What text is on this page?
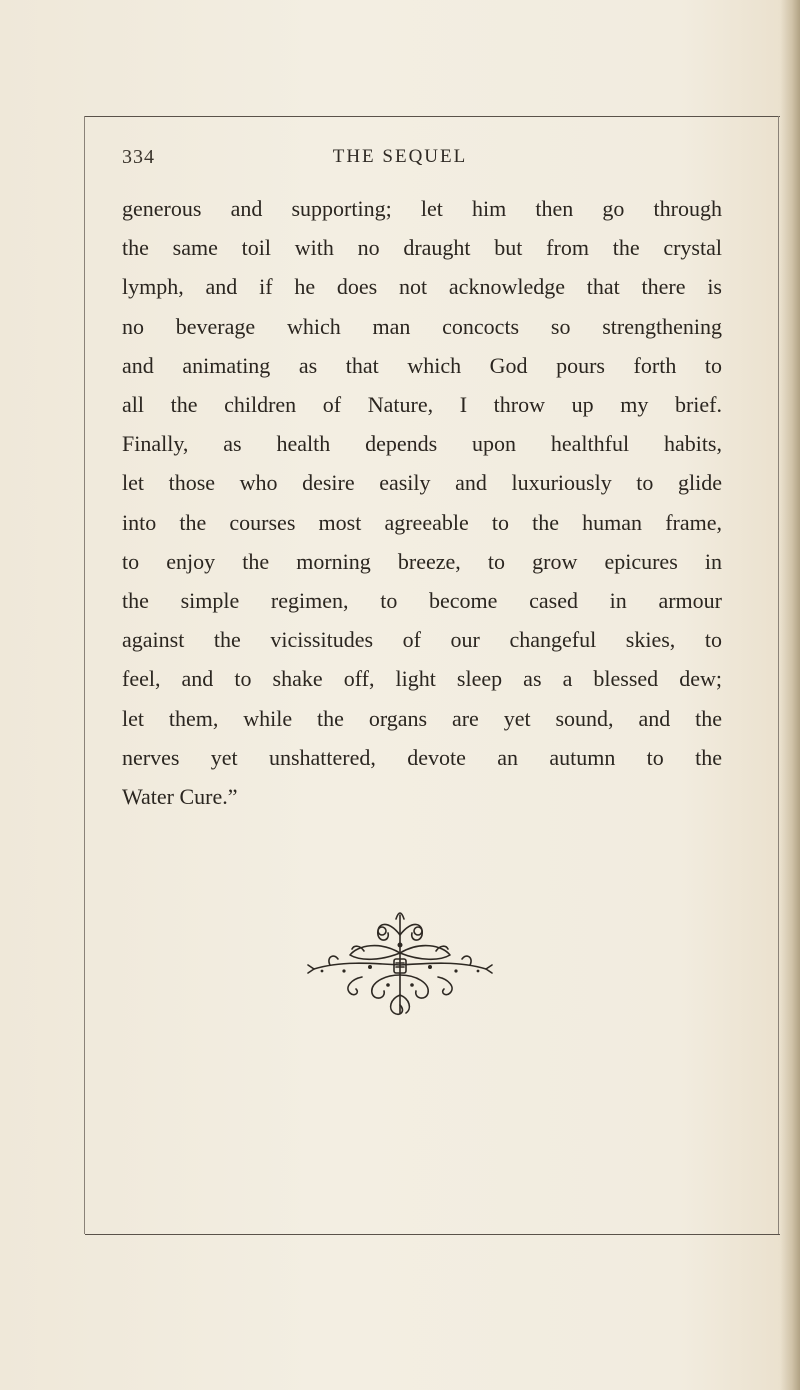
334	THE SEQUEL
generous and supporting; let him then go through
the same toil with no draught but from the crystal
lymph, and if he does not acknowledge that there is
no beverage which man concocts so strengthening
and animating as that which God pours forth to
all the children of Nature, I throw up my brief.
Finally, as health depends upon healthful habits,
let those who desire easily and luxuriously to glide
into the courses most agreeable to the human frame,
to enjoy the morning breeze, to grow epicures in
the simple regimen, to become cased in armour
against the vicissitudes of our changeful skies, to
feel, and to shake off, light sleep as a blessed dew;
let them, while the organs are yet sound, and the
nerves yet unshattered, devote an autumn to the
Water Cure.”
